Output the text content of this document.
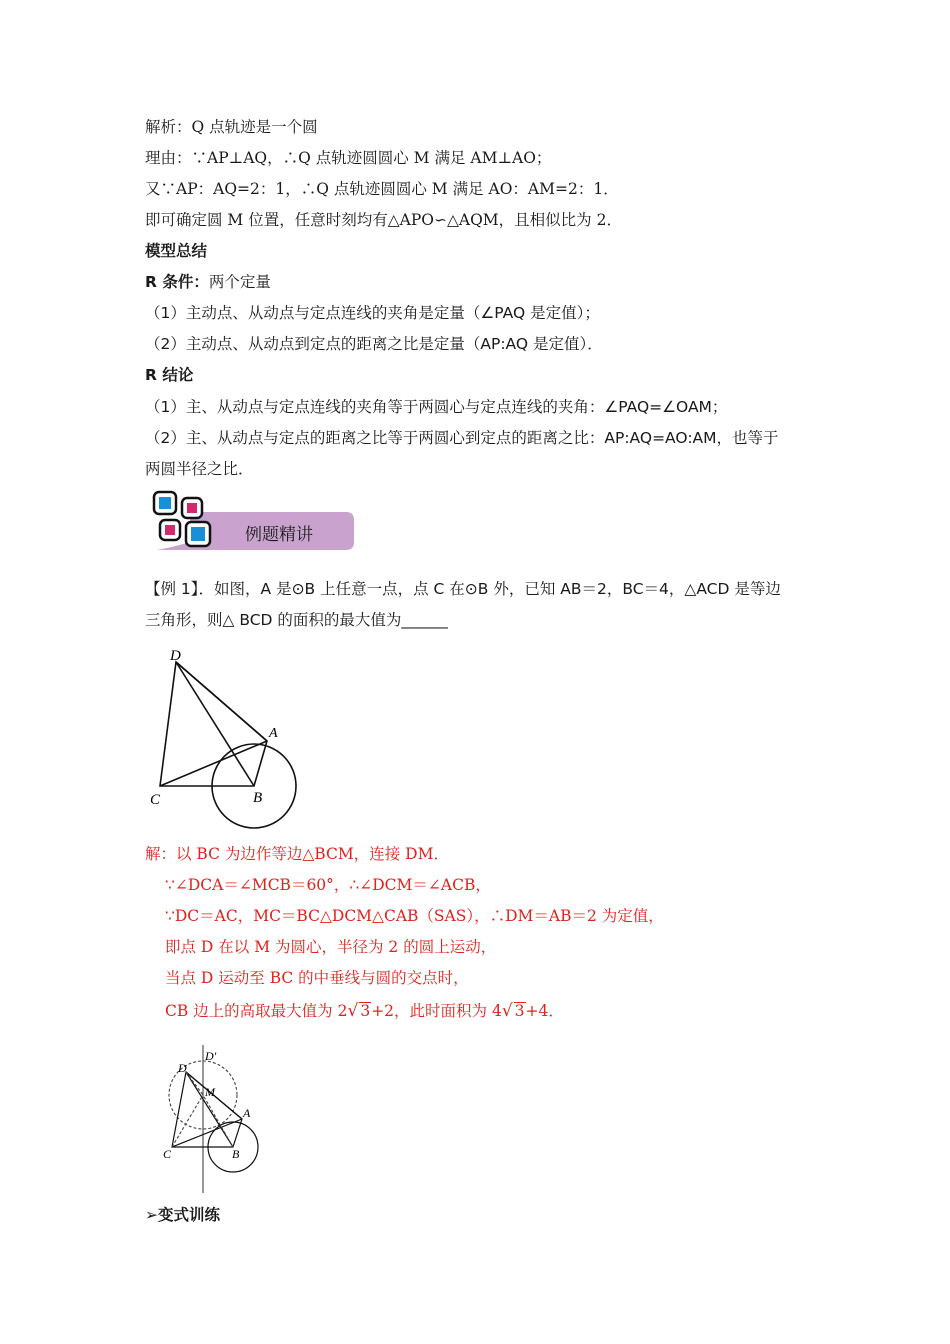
解析：Q 点轨迹是一个圆
理由：∵AP⊥AQ，∴Q 点轨迹圆圆心 M 满足 AM⊥AO；
又∵AP：AQ=2：1，∴Q 点轨迹圆圆心 M 满足 AO：AM=2：1．
即可确定圆 M 位置，任意时刻均有△APO∽△AQM，且相似比为 2．
模型总结
R 条件：两个定量
（1）主动点、从动点与定点连线的夹角是定量（∠PAQ 是定值）；
（2）主动点、从动点到定点的距离之比是定量（AP:AQ 是定值）．
R 结论
（1）主、从动点与定点连线的夹角等于两圆心与定点连线的夹角：∠PAQ=∠OAM；
（2）主、从动点与定点的距离之比等于两圆心到定点的距离之比：AP:AQ=AO:AM，也等于
两圆半径之比．
例题精讲
【例 1】．如图，A 是⊙B 上任意一点，点 C 在⊙B 外，已知 AB＝2，BC＝4，△ACD 是等边
三角形，则△ BCD 的面积的最大值为______
D
A
C	B
解：以 BC 为边作等边△BCM，连接 DM．
∵∠DCA＝∠MCB＝60°，∴∠DCM＝∠ACB，
∵DC＝AC，MC＝BC△DCM△CAB（SAS），∴DM＝AB＝2 为定值，
即点 D 在以 M 为圆心，半径为 2 的圆上运动，
当点 D 运动至 BC 的中垂线与圆的交点时，
CB 边上的高取最大值为 2√ 3+2，此时面积为 4√ 3+4．
D′
D
M
A
C	B
➢变式训练
